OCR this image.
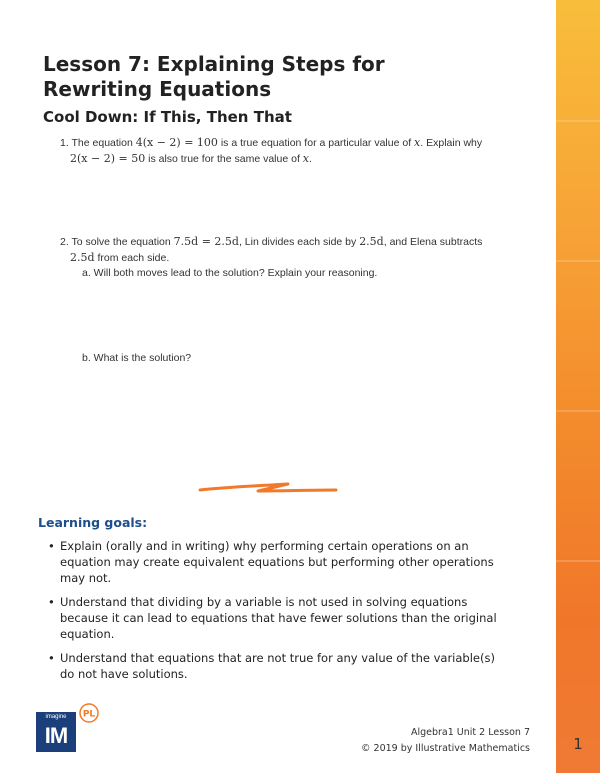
Lesson 7: Explaining Steps for Rewriting Equations
Cool Down: If This, Then That
1. The equation 4(x − 2) = 100 is a true equation for a particular value of x. Explain why
2(x − 2) = 50 is also true for the same value of x.
2. To solve the equation 7.5d = 2.5d, Lin divides each side by 2.5d, and Elena subtracts
2.5d from each side.
a. Will both moves lead to the solution? Explain your reasoning.
b. What is the solution?
Learning goals:
• Explain (orally and in writing) why performing certain operations on an equation may create equivalent equations but performing other operations may not.
• Understand that dividing by a variable is not used in solving equations because it can lead to equations that have fewer solutions than the original equation.
• Understand that equations that are not true for any value of the variable(s) do not have solutions.
imagine
IM
PL
Algebra1 Unit 2 Lesson 7
© 2019 by Illustrative Mathematics	1
